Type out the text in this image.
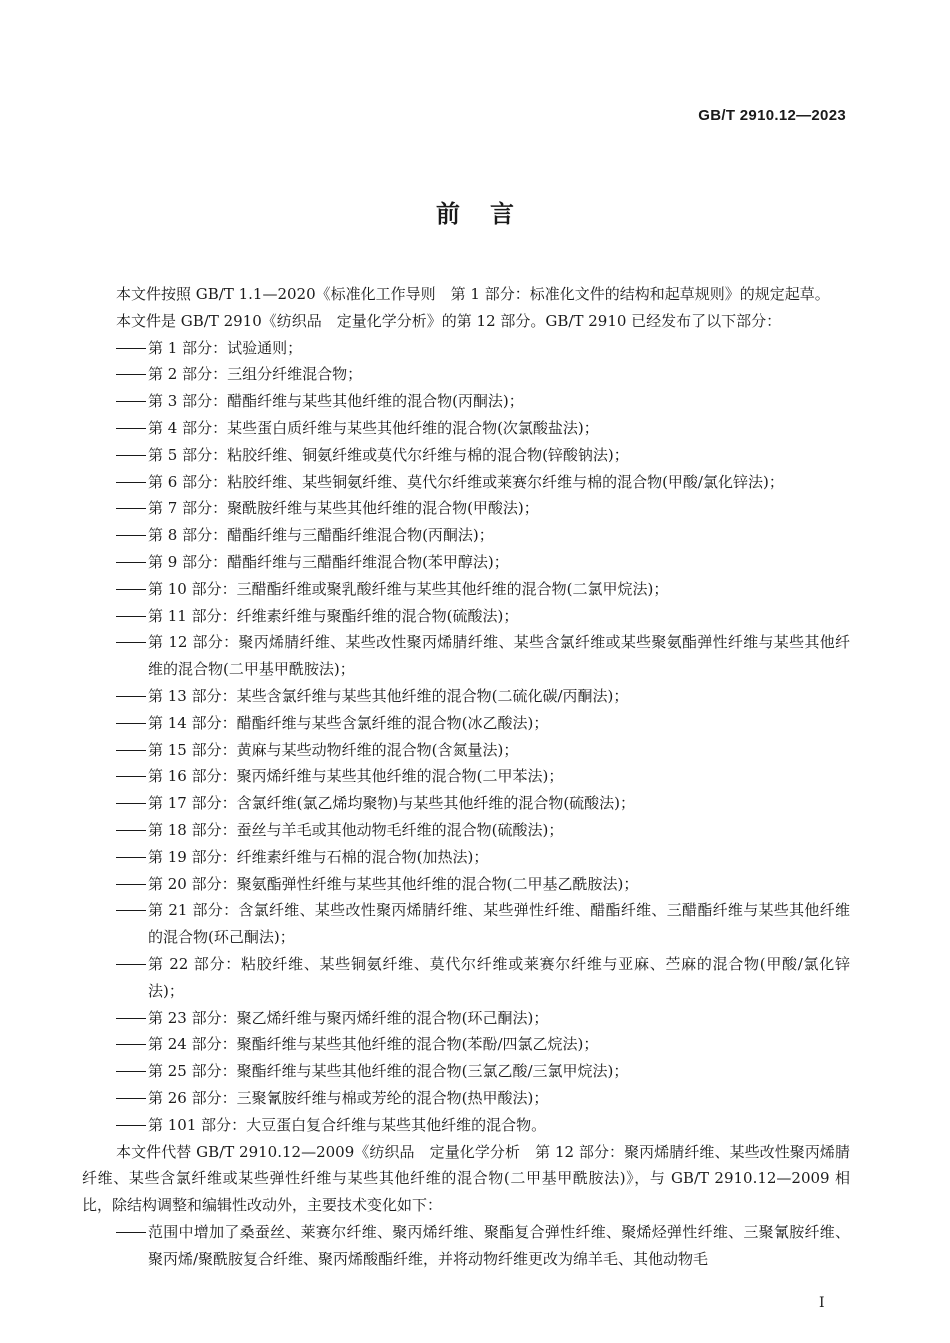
GB/T 2910.12—2023
前言

本文件按照 GB/T 1.1—2020《标准化工作导则　第 1 部分：标准化文件的结构和起草规则》的规定起草。

本文件是 GB/T 2910《纺织品　定量化学分析》的第 12 部分。GB/T 2910 已经发布了以下部分：

第 1 部分：试验通则；
第 2 部分：三组分纤维混合物；
第 3 部分：醋酯纤维与某些其他纤维的混合物(丙酮法)；
第 4 部分：某些蛋白质纤维与某些其他纤维的混合物(次氯酸盐法)；
第 5 部分：粘胶纤维、铜氨纤维或莫代尔纤维与棉的混合物(锌酸钠法)；
第 6 部分：粘胶纤维、某些铜氨纤维、莫代尔纤维或莱赛尔纤维与棉的混合物(甲酸/氯化锌法)；
第 7 部分：聚酰胺纤维与某些其他纤维的混合物(甲酸法)；
第 8 部分：醋酯纤维与三醋酯纤维混合物(丙酮法)；
第 9 部分：醋酯纤维与三醋酯纤维混合物(苯甲醇法)；
第 10 部分：三醋酯纤维或聚乳酸纤维与某些其他纤维的混合物(二氯甲烷法)；
第 11 部分：纤维素纤维与聚酯纤维的混合物(硫酸法)；
第 12 部分：聚丙烯腈纤维、某些改性聚丙烯腈纤维、某些含氯纤维或某些聚氨酯弹性纤维与某些其他纤维的混合物(二甲基甲酰胺法)；
第 13 部分：某些含氯纤维与某些其他纤维的混合物(二硫化碳/丙酮法)；
第 14 部分：醋酯纤维与某些含氯纤维的混合物(冰乙酸法)；
第 15 部分：黄麻与某些动物纤维的混合物(含氮量法)；
第 16 部分：聚丙烯纤维与某些其他纤维的混合物(二甲苯法)；
第 17 部分：含氯纤维(氯乙烯均聚物)与某些其他纤维的混合物(硫酸法)；
第 18 部分：蚕丝与羊毛或其他动物毛纤维的混合物(硫酸法)；
第 19 部分：纤维素纤维与石棉的混合物(加热法)；
第 20 部分：聚氨酯弹性纤维与某些其他纤维的混合物(二甲基乙酰胺法)；
第 21 部分：含氯纤维、某些改性聚丙烯腈纤维、某些弹性纤维、醋酯纤维、三醋酯纤维与某些其他纤维的混合物(环己酮法)；
第 22 部分：粘胶纤维、某些铜氨纤维、莫代尔纤维或莱赛尔纤维与亚麻、苎麻的混合物(甲酸/氯化锌法)；
第 23 部分：聚乙烯纤维与聚丙烯纤维的混合物(环己酮法)；
第 24 部分：聚酯纤维与某些其他纤维的混合物(苯酚/四氯乙烷法)；
第 25 部分：聚酯纤维与某些其他纤维的混合物(三氯乙酸/三氯甲烷法)；
第 26 部分：三聚氰胺纤维与棉或芳纶的混合物(热甲酸法)；
第 101 部分：大豆蛋白复合纤维与某些其他纤维的混合物。

本文件代替 GB/T 2910.12—2009《纺织品　定量化学分析　第 12 部分：聚丙烯腈纤维、某些改性聚丙烯腈纤维、某些含氯纤维或某些弹性纤维与某些其他纤维的混合物(二甲基甲酰胺法)》，与 GB/T 2910.12—2009 相比，除结构调整和编辑性改动外，主要技术变化如下：

范围中增加了桑蚕丝、莱赛尔纤维、聚丙烯纤维、聚酯复合弹性纤维、聚烯烃弹性纤维、三聚氰胺纤维、聚丙烯/聚酰胺复合纤维、聚丙烯酸酯纤维，并将动物纤维更改为绵羊毛、其他动物毛
I
